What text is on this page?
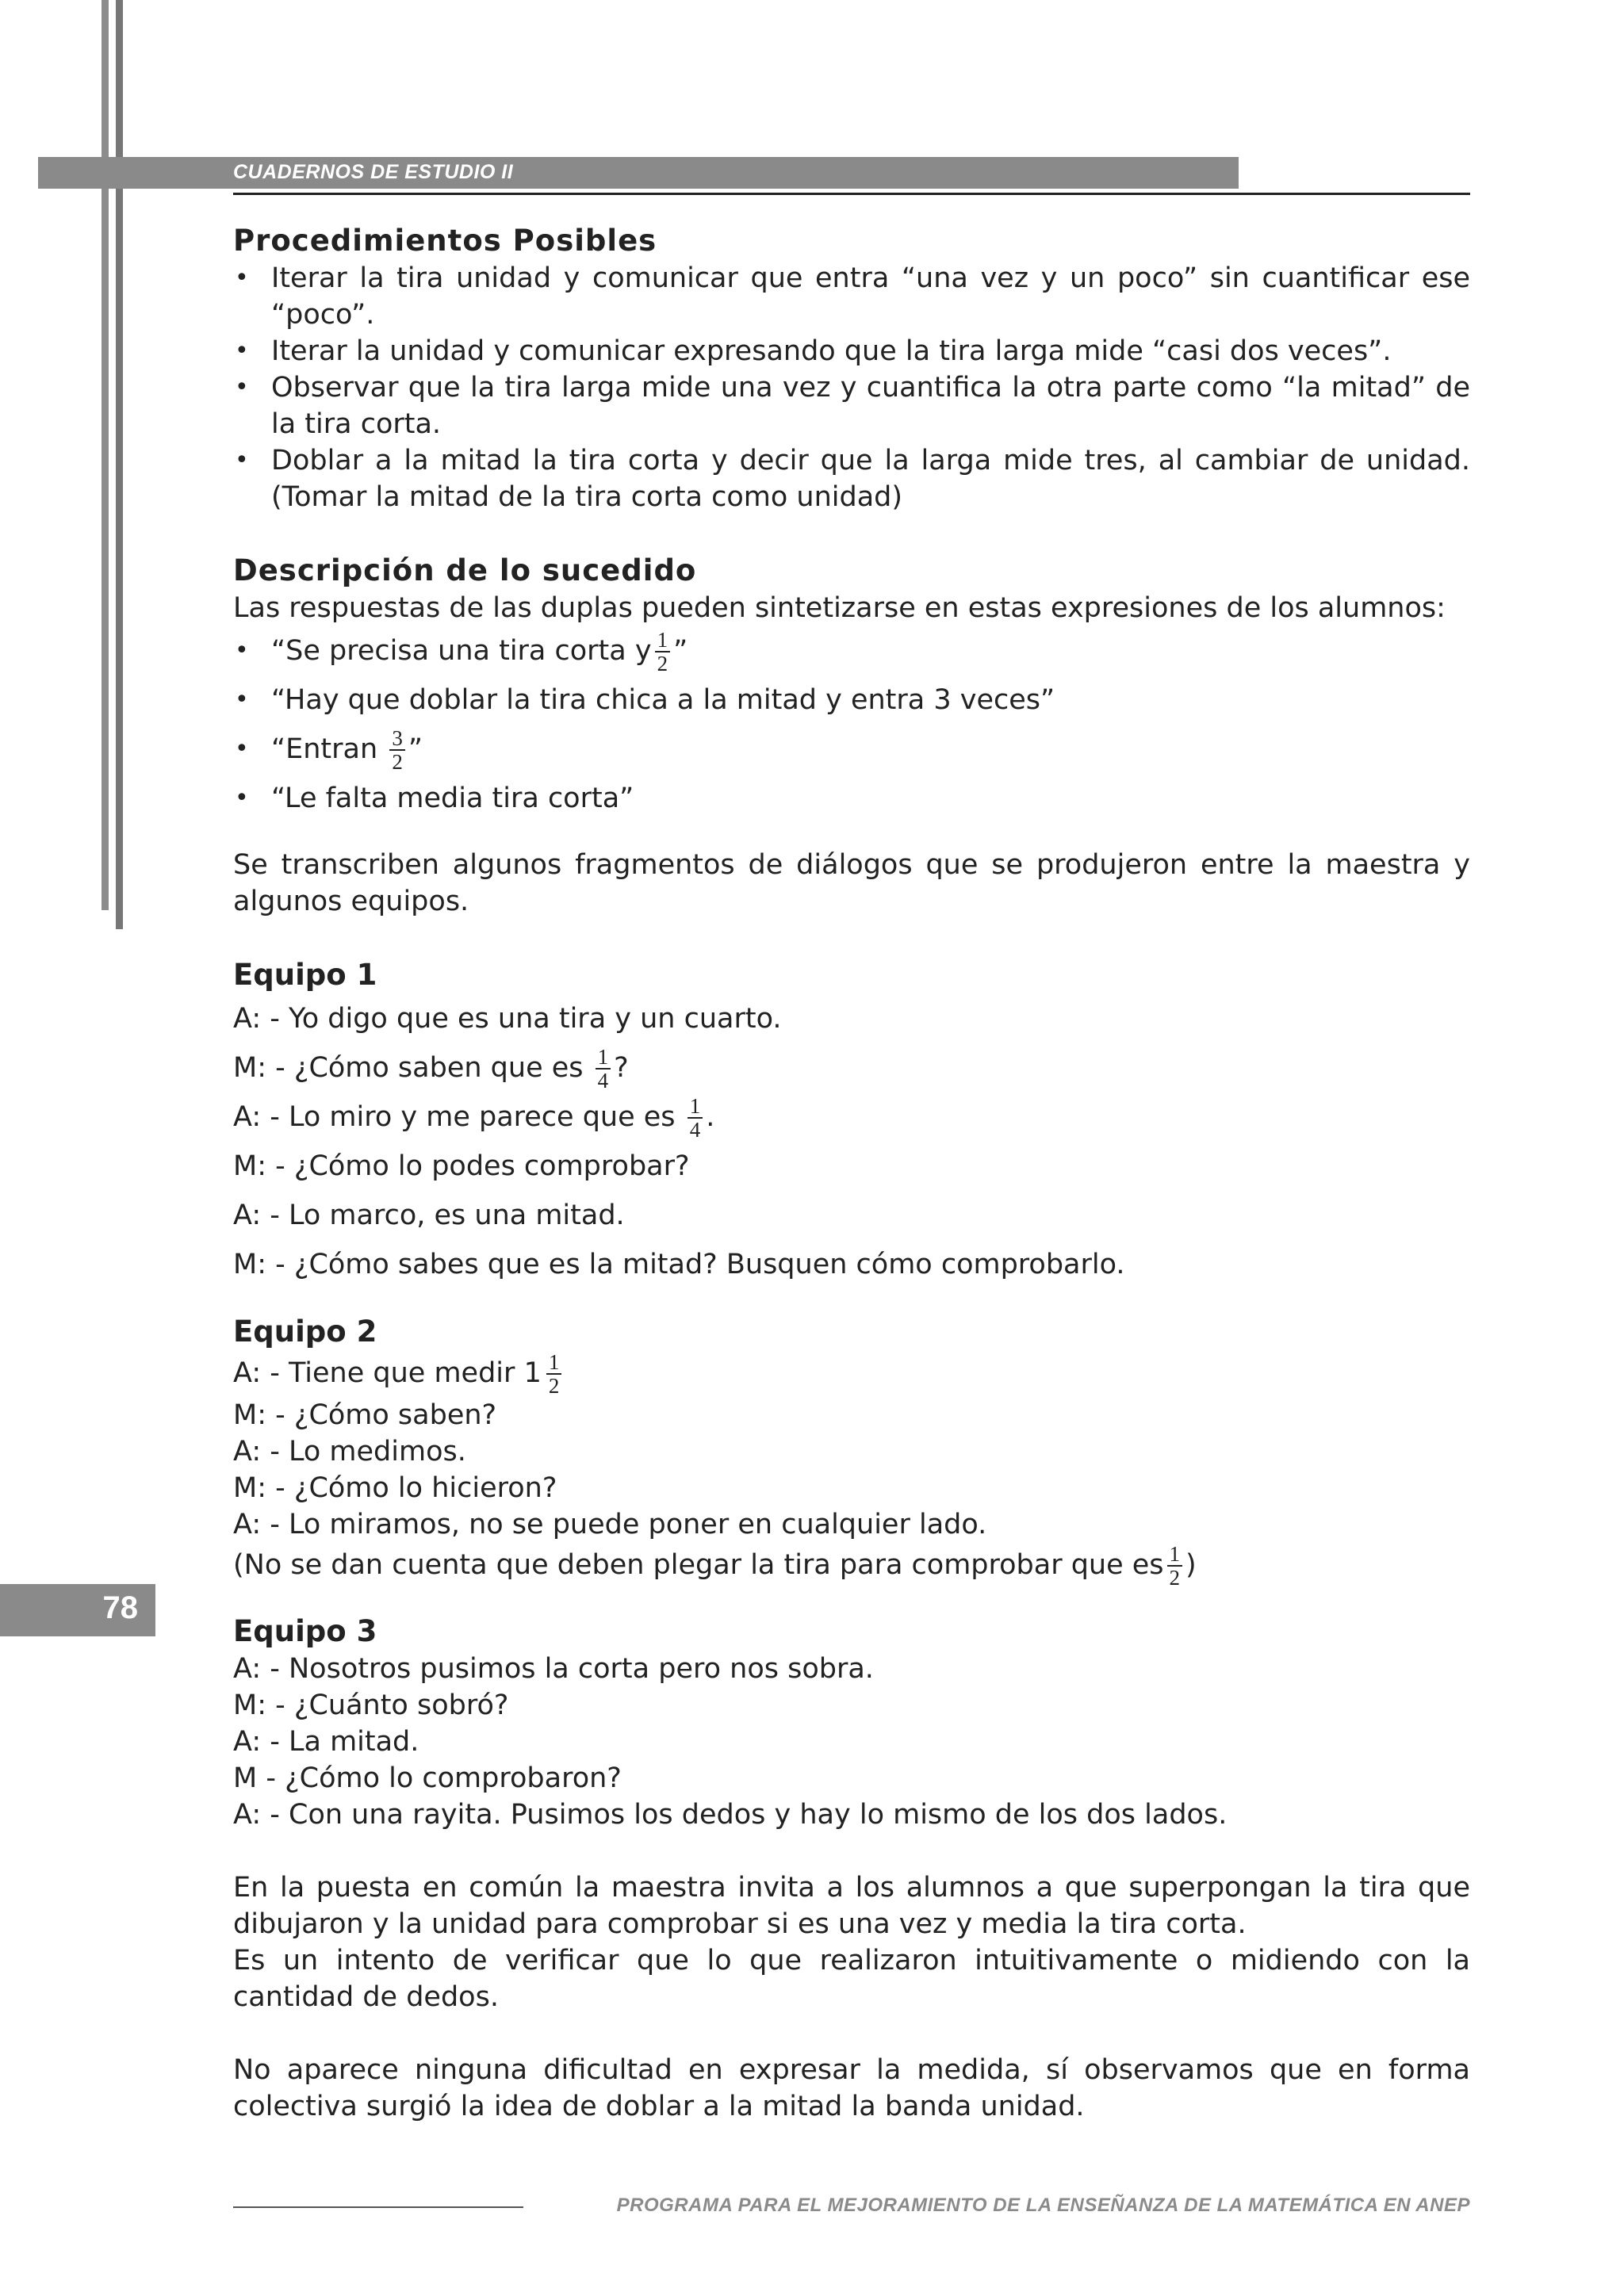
CUADERNOS DE ESTUDIO II
78
Procedimientos Posibles
• Iterar la tira unidad y comunicar que entra “una vez y un poco” sin cuantificar ese “poco”.
• Iterar la unidad y comunicar expresando que la tira larga mide “casi dos veces”.
• Observar que la tira larga mide una vez y cuantifica la otra parte como “la mitad” de la tira corta.
• Doblar a la mitad la tira corta y decir que la larga mide tres, al cambiar de unidad. (Tomar la mitad de la tira corta como unidad)
Descripción de lo sucedido

Las respuestas de las duplas pueden sintetizarse en estas expresiones de los alumnos:

• “Se precisa una tira corta y $\frac{1}{2}$ ”
• “Hay que doblar la tira chica a la mitad y entra 3 veces”
• “Entran $\frac{3}{2}$ ”
• “Le falta media tira corta”

Se transcriben algunos fragmentos de diálogos que se produjeron entre la maestra y algunos equipos.

Equipo 1
A: - Yo digo que es una tira y un cuarto.
M: - ¿Cómo saben que es $\frac{1}{4}$ ?
A: - Lo miro y me parece que es $\frac{1}{4}$ .
M: - ¿Cómo lo podes comprobar?
A: - Lo marco, es una mitad.
M: - ¿Cómo sabes que es la mitad? Busquen cómo comprobarlo.
Equipo 2
A: - Tiene que medir $1 \frac{1}{2}$
M: - ¿Cómo saben?
A: - Lo medimos.
M: - ¿Cómo lo hicieron?
A: - Lo miramos, no se puede poner en cualquier lado.
(No se dan cuenta que deben plegar la tira para comprobar que es $\frac{1}{2}$ )
Equipo 3
A: - Nosotros pusimos la corta pero nos sobra.
M: - ¿Cuánto sobró?
A: - La mitad.
M - ¿Cómo lo comprobaron?
A: - Con una rayita. Pusimos los dedos y hay lo mismo de los dos lados.

En la puesta en común la maestra invita a los alumnos a que superpongan la tira que dibujaron y la unidad para comprobar si es una vez y media la tira corta.

Es un intento de verificar que lo que realizaron intuitivamente o midiendo con la cantidad de dedos.

No aparece ninguna dificultad en expresar la medida, sí observamos que en forma colectiva surgió la idea de doblar a la mitad la banda unidad.

PROGRAMA PARA EL MEJORAMIENTO DE LA ENSEÑANZA DE LA MATEMÁTICA EN ANEP
